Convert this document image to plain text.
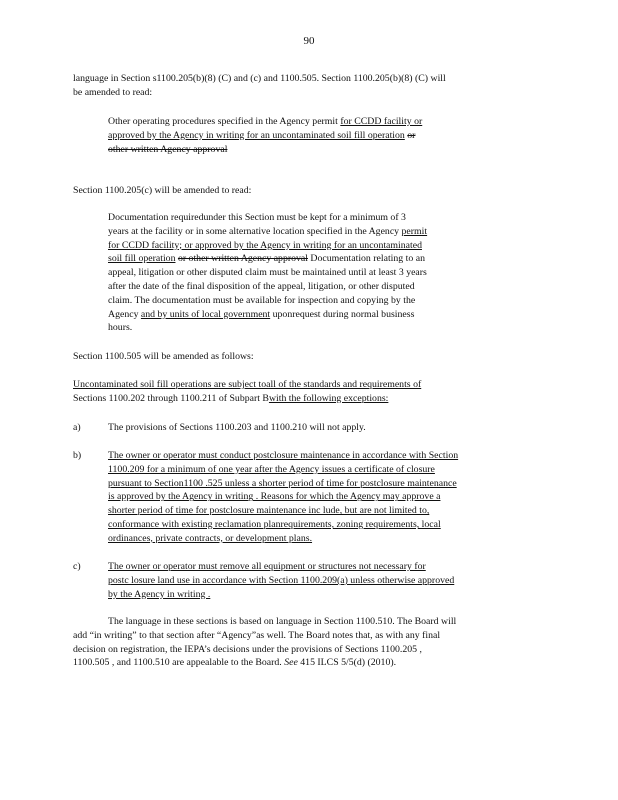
90
language in Section s1100.205(b)(8) (C) and (c) and 1100.505. Section 1100.205(b)(8) (C) will
be amended to read:
Other operating procedures specified in the Agency permit for CCDD facility or
approved by the Agency in writing for an uncontaminated soil fill operation or
other written Agency approval
Section 1100.205(c) will be amended to read:
Documentation requiredunder this Section must be kept for a minimum of 3
years at the facility or in some alternative location specified in the Agency permit
for CCDD facility; or approved by the Agency in writing for an uncontaminated
soil fill operation or other written Agency approval Documentation relating to an
appeal, litigation or other disputed claim must be maintained until at least 3 years
after the date of the final disposition of the appeal, litigation, or other disputed
claim. The documentation must be available for inspection and copying by the
Agency and by units of local government uponrequest during normal business
hours.
Section 1100.505 will be amended as follows:
Uncontaminated soil fill operations are subject toall of the standards and requirements of
Sections 1100.202 through 1100.211 of Subpart Bwith the following exceptions:
a)	The provisions of Sections 1100.203 and 1100.210 will not apply.
b)	The owner or operator must conduct postclosure maintenance in accordance with Section
1100.209 for a minimum of one year after the Agency issues a certificate of closure
pursuant to Section1100 .525 unless a shorter period of time for postclosure maintenance
is approved by the Agency in writing . Reasons for which the Agency may approve a
shorter period of time for postclosure maintenance inc lude, but are not limited to,
conformance with existing reclamation planrequirements, zoning requirements, local
ordinances, private contracts, or development plans.
c)	The owner or operator must remove all equipment or structures not necessary for
postc losure land use in accordance with Section 1100.209(a) unless otherwise approved
by the Agency in writing .
The language in these sections is based on language in Section 1100.510. The Board will
add “in writing” to that section after “Agency”as well. The Board notes that, as with any final
decision on registration, the IEPA’s decisions under the provisions of Sections 1100.205 ,
1100.505 , and 1100.510 are appealable to the Board. See 415 ILCS 5/5(d) (2010).
